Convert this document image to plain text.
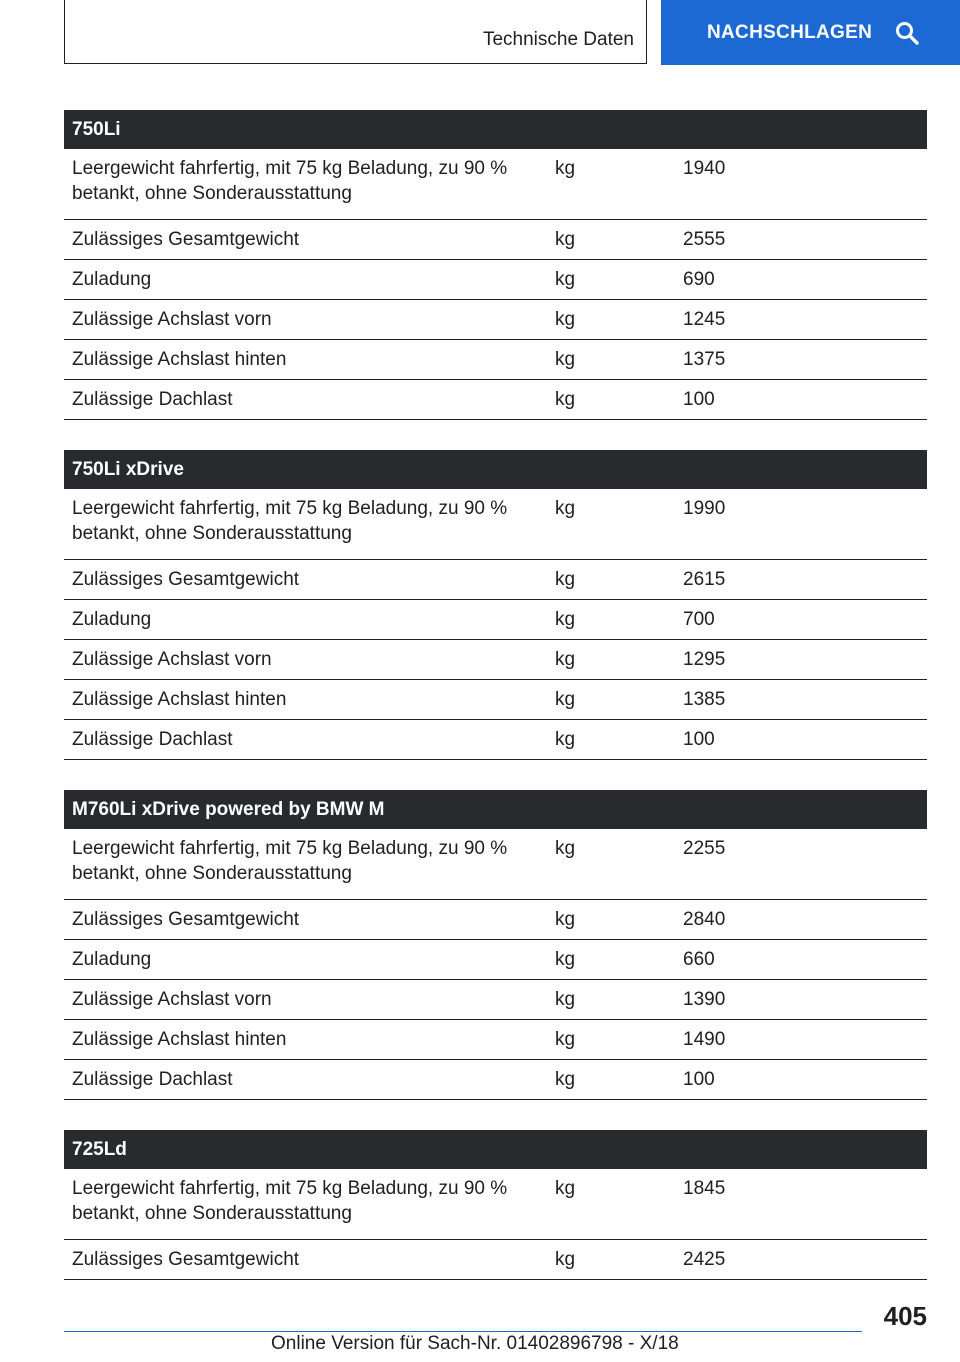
Technische Daten	NACHSCHLAGEN
750Li		
Leergewicht fahrfertig, mit 75 kg Beladung, zu 90 % betankt, ohne Sonderausstattung	kg	1940
Zulässiges Gesamtgewicht	kg	2555
Zuladung	kg	690
Zulässige Achslast vorn	kg	1245
Zulässige Achslast hinten	kg	1375
Zulässige Dachlast	kg	100
750Li xDrive		
Leergewicht fahrfertig, mit 75 kg Beladung, zu 90 % betankt, ohne Sonderausstattung	kg	1990
Zulässiges Gesamtgewicht	kg	2615
Zuladung	kg	700
Zulässige Achslast vorn	kg	1295
Zulässige Achslast hinten	kg	1385
Zulässige Dachlast	kg	100
M760Li xDrive powered by BMW M		
Leergewicht fahrfertig, mit 75 kg Beladung, zu 90 % betankt, ohne Sonderausstattung	kg	2255
Zulässiges Gesamtgewicht	kg	2840
Zuladung	kg	660
Zulässige Achslast vorn	kg	1390
Zulässige Achslast hinten	kg	1490
Zulässige Dachlast	kg	100
725Ld		
Leergewicht fahrfertig, mit 75 kg Beladung, zu 90 % betankt, ohne Sonderausstattung	kg	1845
Zulässiges Gesamtgewicht	kg	2425
405
Online Version für Sach-Nr. 01402896798 - X/18
